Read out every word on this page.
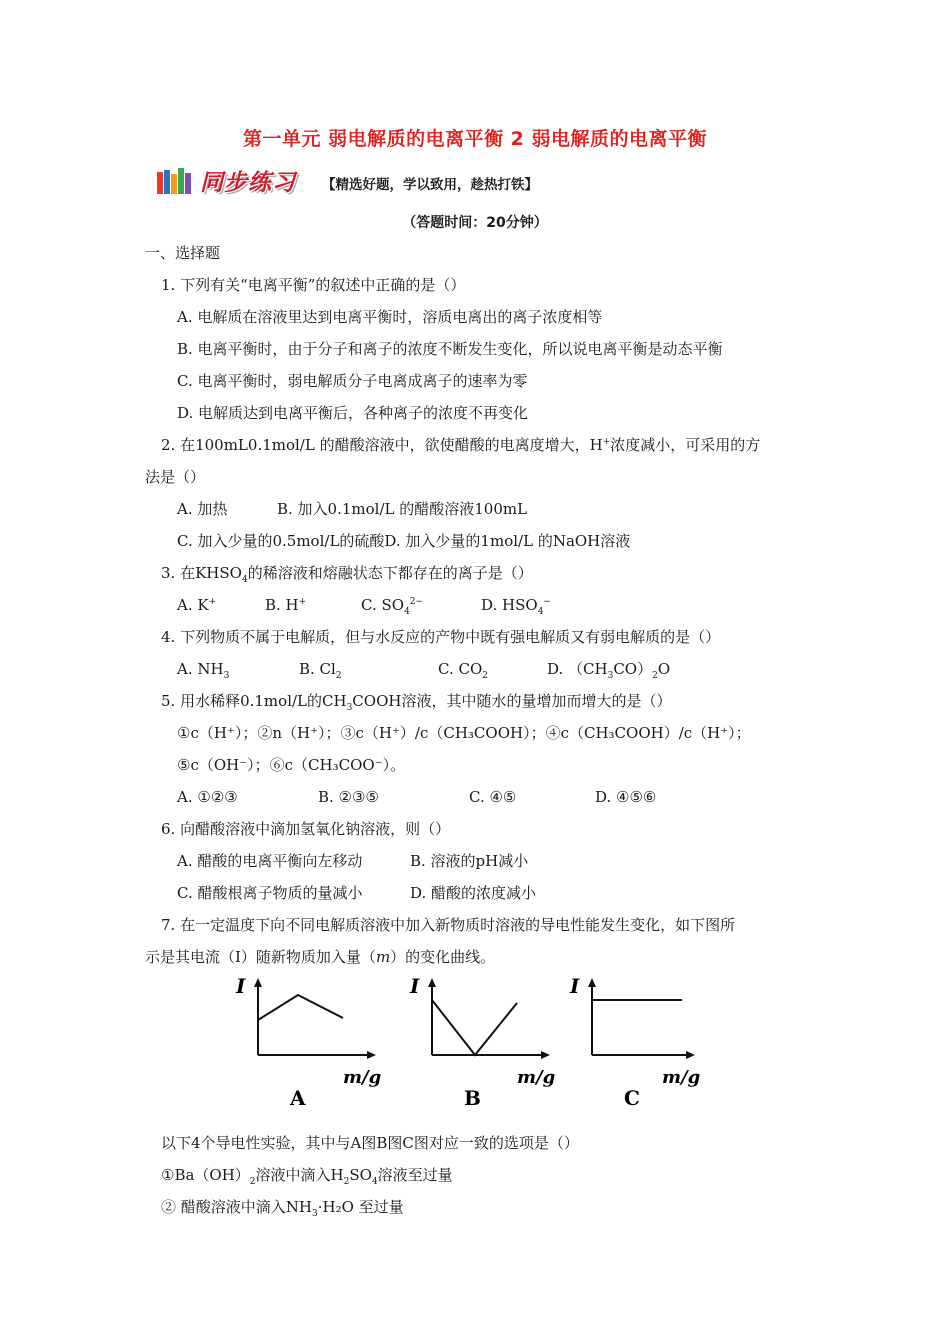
第一单元 弱电解质的电离平衡 2 弱电解质的电离平衡
同步练习	【精选好题，学以致用，趁热打铁】
（答题时间：20分钟）
一、选择题
1. 下列有关“电离平衡”的叙述中正确的是（）
A. 电解质在溶液里达到电离平衡时，溶质电离出的离子浓度相等
B. 电离平衡时，由于分子和离子的浓度不断发生变化，所以说电离平衡是动态平衡
C. 电离平衡时，弱电解质分子电离成离子的速率为零
D. 电解质达到电离平衡后，各种离子的浓度不再变化
2. 在100mL0.1mol/L 的醋酸溶液中，欲使醋酸的电离度增大，H+浓度减小，可采用的方
法是（）
A. 加热	B. 加入0.1mol/L 的醋酸溶液100mL
C. 加入少量的0.5mol/L的硫酸D. 加入少量的1mol/L 的NaOH溶液
3. 在$KHSO_4$的稀溶液和熔融状态下都存在的离子是（）
A. K+	B. H+	C. $SO_4^{2-}$	D. $HSO_4^-$
4. 下列物质不属于电解质，但与水反应的产物中既有强电解质又有弱电解质的是（）
A. $NH_3$	B. $Cl_2$	C. $CO_2$	D. $(CH_3CO)_2O$
5. 用水稀释0.1mol/L的$CH_3COOH$溶液，其中随水的量增加而增大的是（）
①c（H⁺）；②n（H⁺）；③c（H⁺）/c（CH₃COOH）；④c（CH₃COOH）/c（H⁺）；
⑤c（OH⁻）；⑥c（CH₃COO⁻）。
A. ①②③	B. ②③⑤	C. ④⑤	D. ④⑤⑥
6. 向醋酸溶液中滴加氢氧化钠溶液，则（）
A. 醋酸的电离平衡向左移动	B. 溶液的pH减小
C. 醋酸根离子物质的量减小	D. 醋酸的浓度减小
7. 在一定温度下向不同电解质溶液中加入新物质时溶液的导电性能发生变化，如下图所
示是其电流（I）随新物质加入量（m）的变化曲线。
I
m/g
A
I
m/g
B
I
m/g
C
以下4个导电性实验，其中与A图B图C图对应一致的选项是（）
$①Ba(OH)_2$溶液中滴入$H_2SO_4$溶液至过量
② 醋酸溶液中滴入$NH_3\cdot H_2O$ 至过量
